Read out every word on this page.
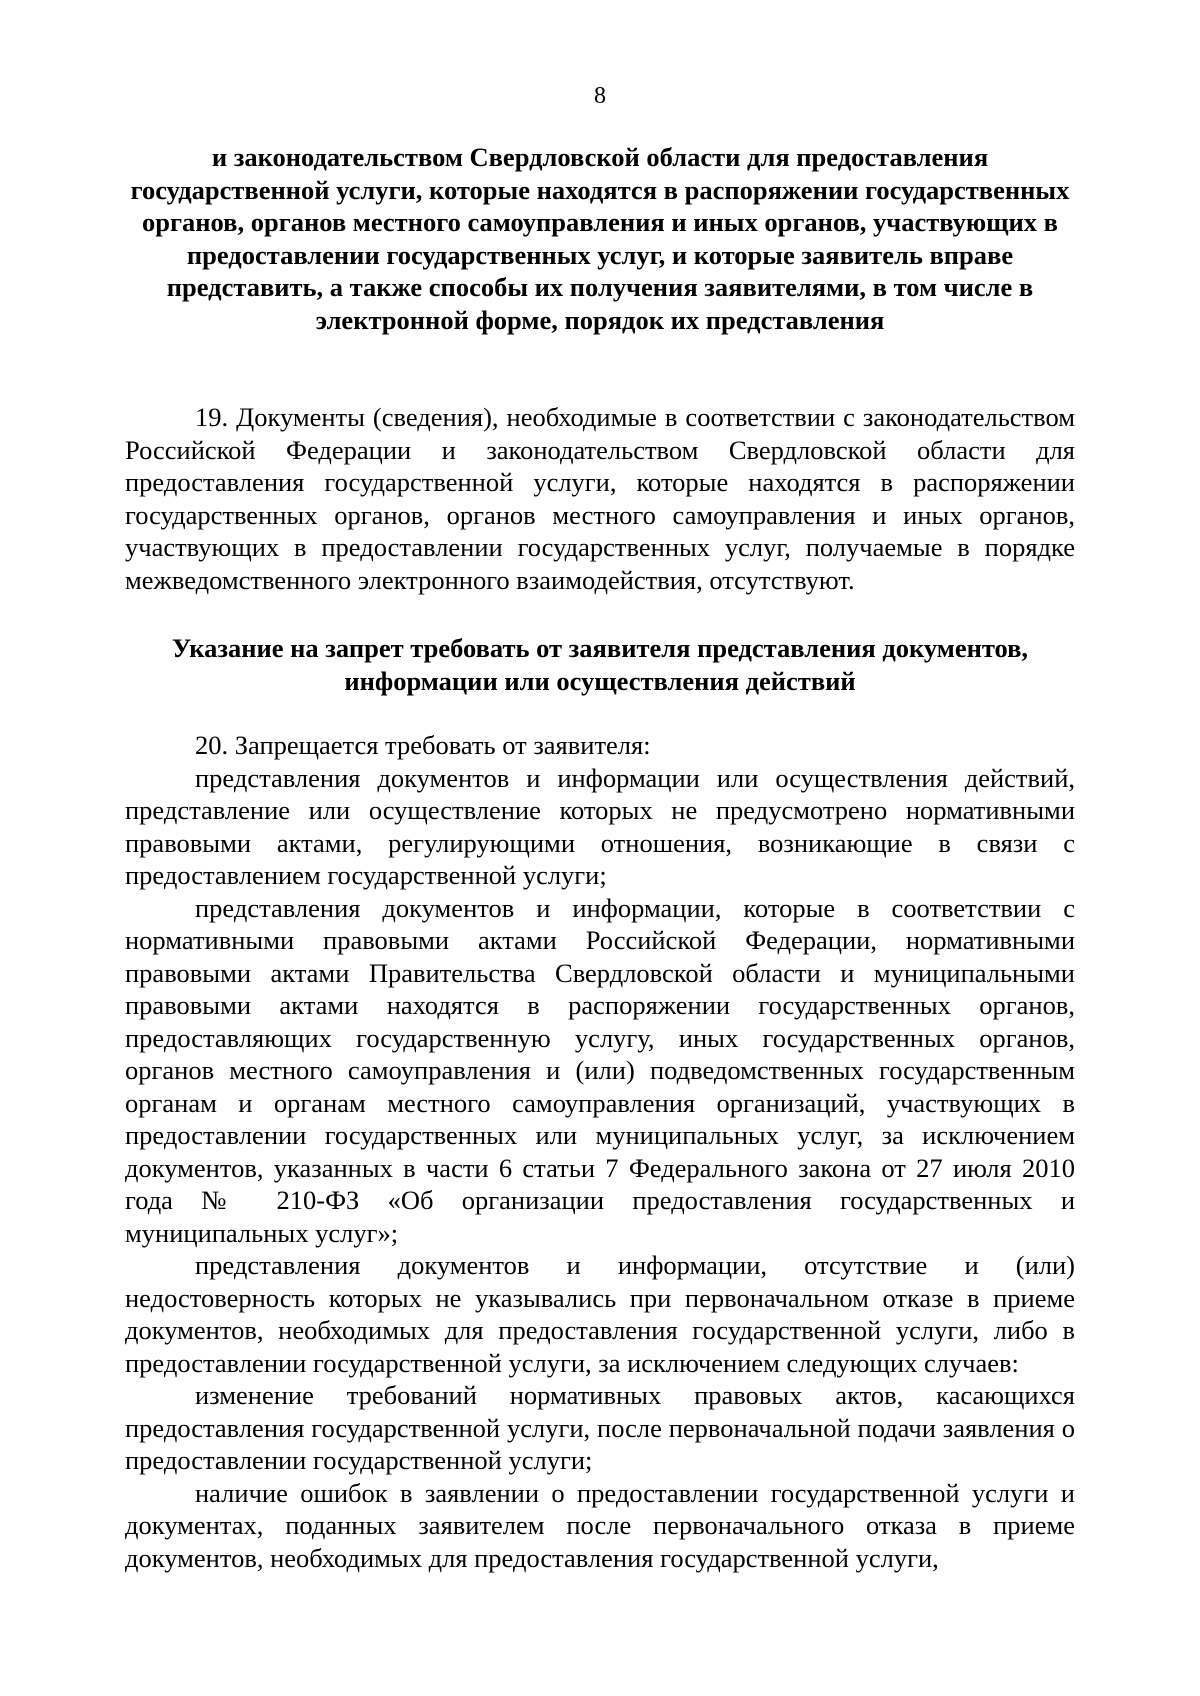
8
и законодательством Свердловской области для предоставления государственной услуги, которые находятся в распоряжении государственных органов, органов местного самоуправления и иных органов, участвующих в предоставлении государственных услуг, и которые заявитель вправе представить, а также способы их получения заявителями, в том числе в электронной форме, порядок их представления

19. Документы (сведения), необходимые в соответствии с законодательством Российской Федерации и законодательством Свердловской области для предоставления государственной услуги, которые находятся в распоряжении государственных органов, органов местного самоуправления и иных органов, участвующих в предоставлении государственных услуг, получаемые в порядке межведомственного электронного взаимодействия, отсутствуют.

Указание на запрет требовать от заявителя представления документов, информации или осуществления действий

20. Запрещается требовать от заявителя:

представления документов и информации или осуществления действий, представление или осуществление которых не предусмотрено нормативными правовыми актами, регулирующими отношения, возникающие в связи с предоставлением государственной услуги;

представления документов и информации, которые в соответствии с нормативными правовыми актами Российской Федерации, нормативными правовыми актами Правительства Свердловской области и муниципальными правовыми актами находятся в распоряжении государственных органов, предоставляющих государственную услугу, иных государственных органов, органов местного самоуправления и (или) подведомственных государственным органам и органам местного самоуправления организаций, участвующих в предоставлении государственных или муниципальных услуг, за исключением документов, указанных в части 6 статьи 7 Федерального закона от 27 июля 2010 года № 210-ФЗ «Об организации предоставления государственных и муниципальных услуг»;

представления документов и информации, отсутствие и (или) недостоверность которых не указывались при первоначальном отказе в приеме документов, необходимых для предоставления государственной услуги, либо в предоставлении государственной услуги, за исключением следующих случаев:

изменение требований нормативных правовых актов, касающихся предоставления государственной услуги, после первоначальной подачи заявления о предоставлении государственной услуги;

наличие ошибок в заявлении о предоставлении государственной услуги и документах, поданных заявителем после первоначального отказа в приеме документов, необходимых для предоставления государственной услуги,
